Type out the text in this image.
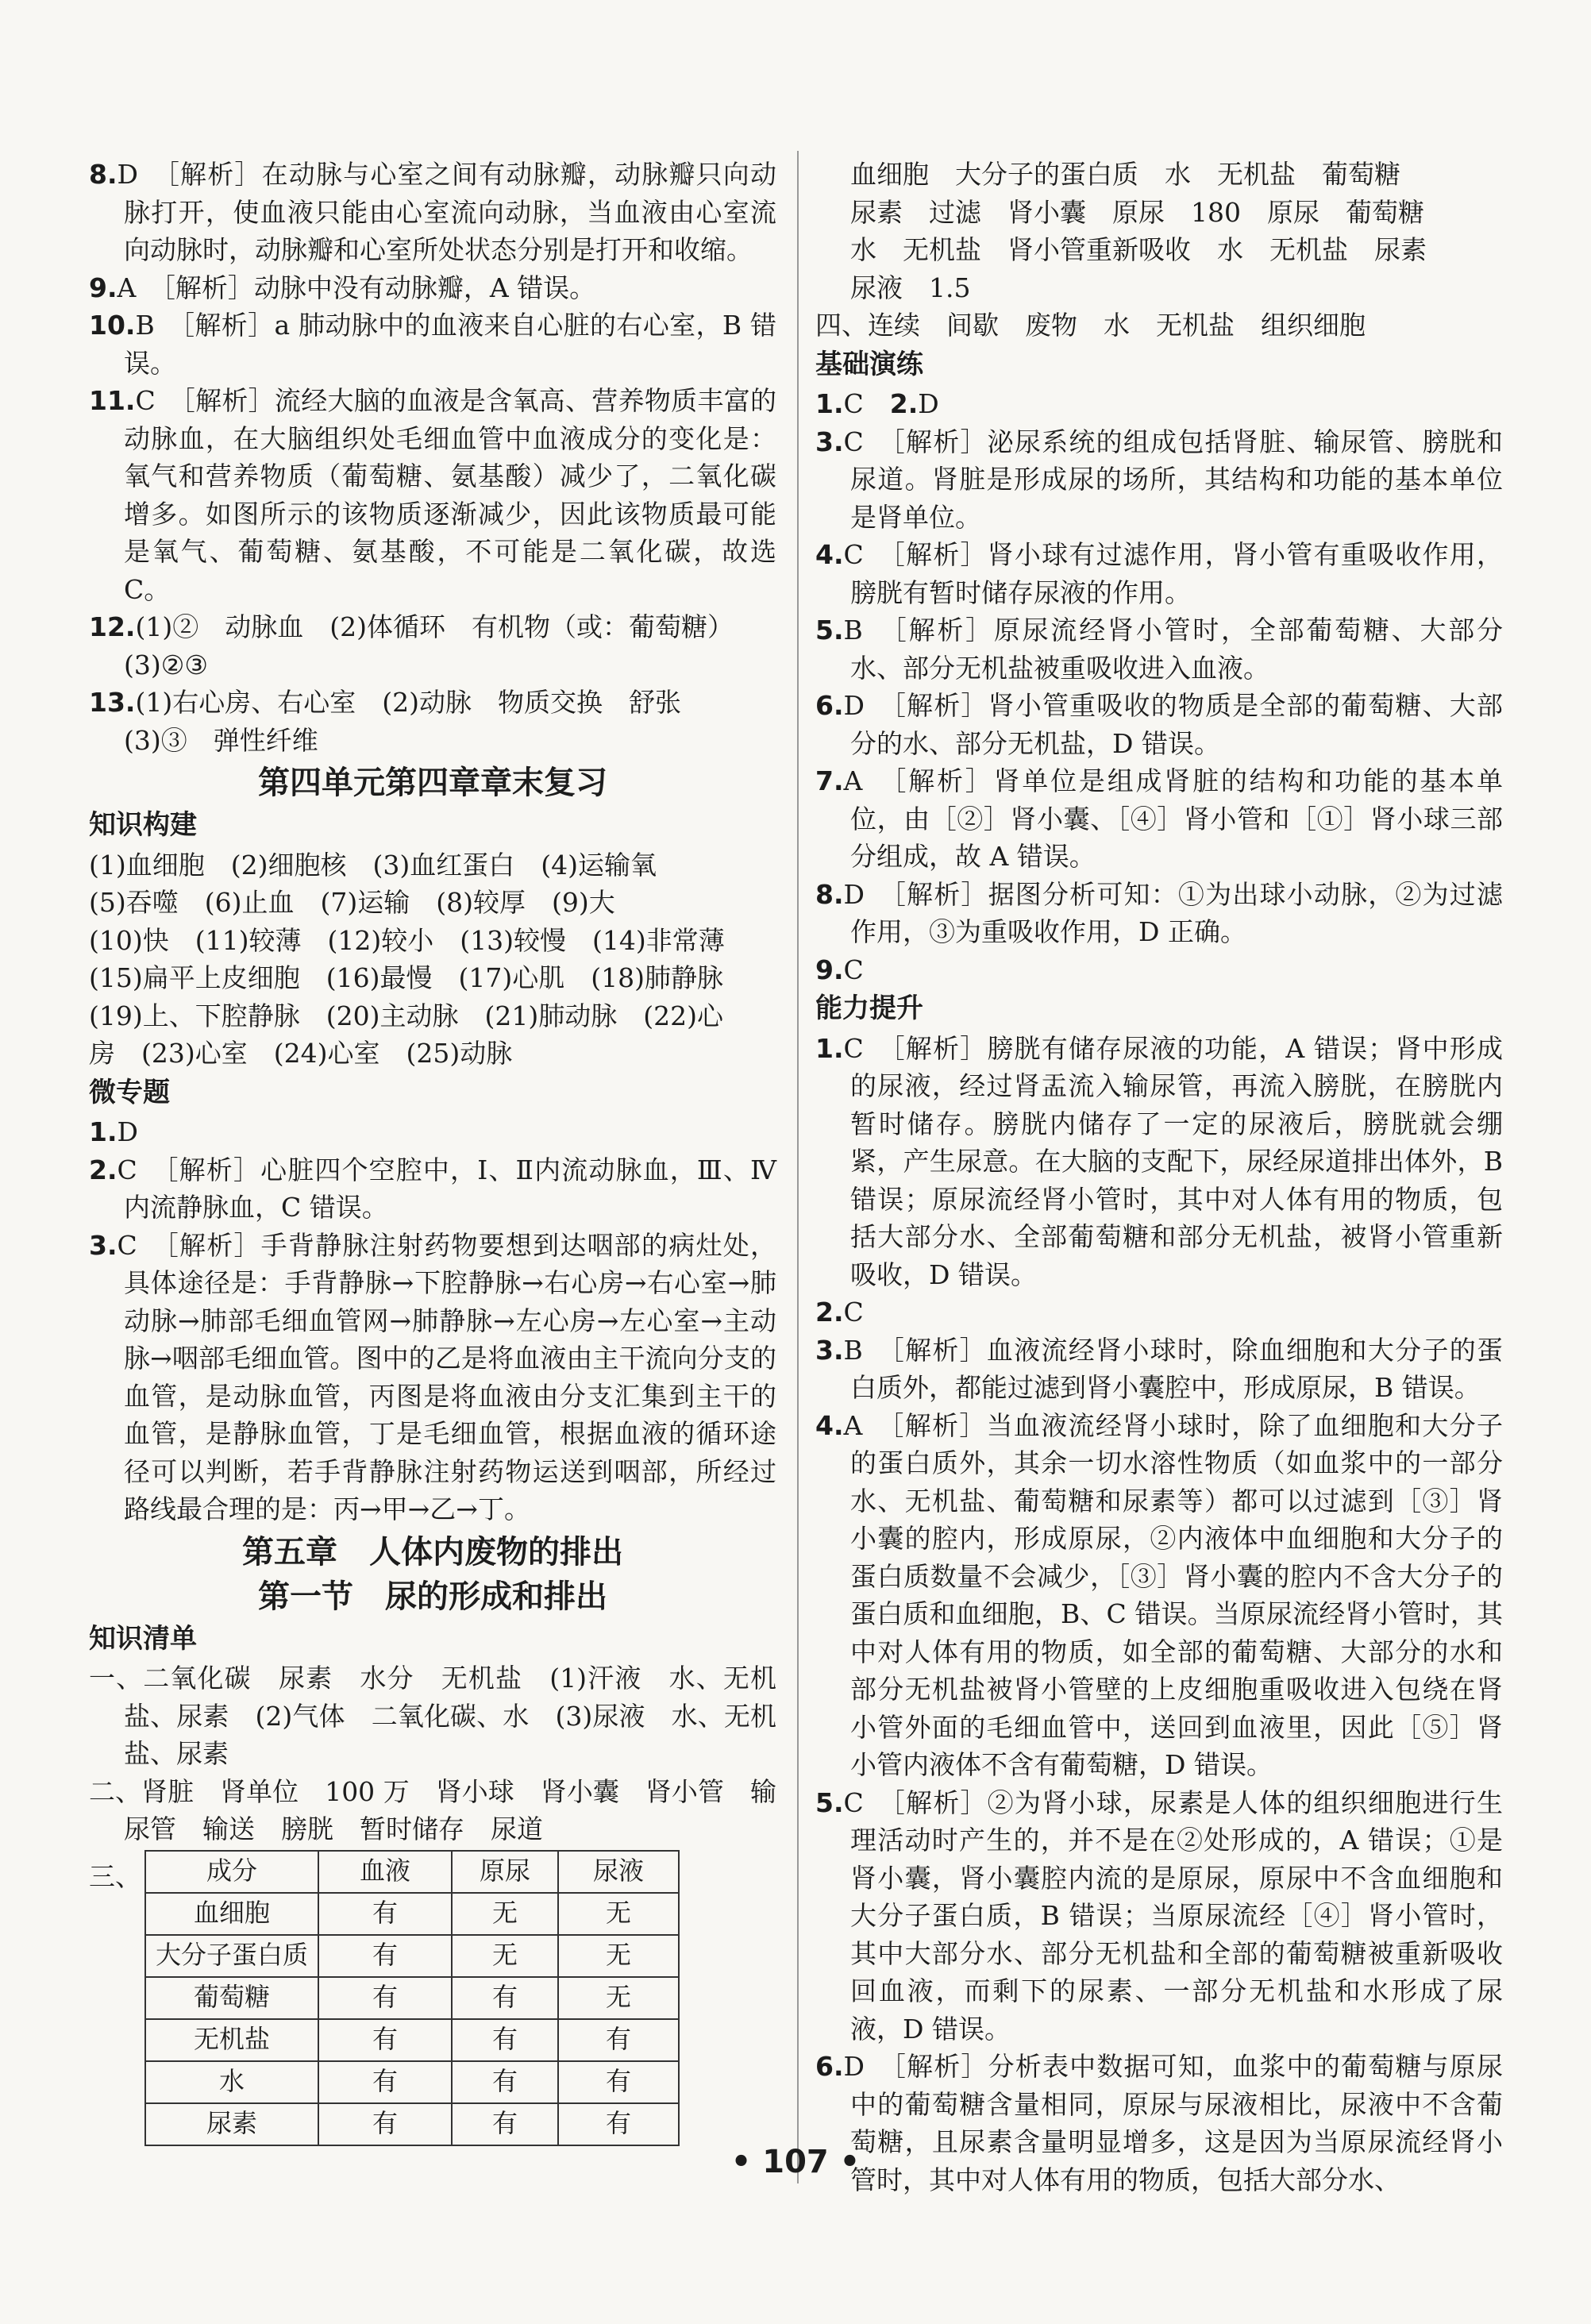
8.D　［解析］在动脉与心室之间有动脉瓣，动脉瓣只向动脉打开，使血液只能由心室流向动脉，当血液由心室流向动脉时，动脉瓣和心室所处状态分别是打开和收缩。

9.A　［解析］动脉中没有动脉瓣，A 错误。

10.B　［解析］a 肺动脉中的血液来自心脏的右心室，B 错误。

11.C　［解析］流经大脑的血液是含氧高、营养物质丰富的动脉血，在大脑组织处毛细血管中血液成分的变化是：氧气和营养物质（葡萄糖、氨基酸）减少了，二氧化碳增多。如图所示的该物质逐渐减少，因此该物质最可能是氧气、葡萄糖、氨基酸，不可能是二氧化碳，故选 C。

12.(1)②　动脉血　(2)体循环　有机物（或：葡萄糖）

(3)②③

13.(1)右心房、右心室　(2)动脉　物质交换　舒张

(3)③　弹性纤维

第四单元第四章章末复习
知识构建

(1)血细胞　(2)细胞核　(3)血红蛋白　(4)运输氧

(5)吞噬　(6)止血　(7)运输　(8)较厚　(9)大

(10)快　(11)较薄　(12)较小　(13)较慢　(14)非常薄

(15)扁平上皮细胞　(16)最慢　(17)心肌　(18)肺静脉

(19)上、下腔静脉　(20)主动脉　(21)肺动脉　(22)心

房　(23)心室　(24)心室　(25)动脉

微专题

1.D

2.C　［解析］心脏四个空腔中，Ⅰ、Ⅱ内流动脉血，Ⅲ、Ⅳ内流静脉血，C 错误。

3.C　［解析］手背静脉注射药物要想到达咽部的病灶处，具体途径是：手背静脉→下腔静脉→右心房→右心室→肺动脉→肺部毛细血管网→肺静脉→左心房→左心室→主动脉→咽部毛细血管。图中的乙是将血液由主干流向分支的血管，是动脉血管，丙图是将血液由分支汇集到主干的血管，是静脉血管，丁是毛细血管，根据血液的循环途径可以判断，若手背静脉注射药物运送到咽部，所经过路线最合理的是：丙→甲→乙→丁。

第五章　人体内废物的排出
第一节　尿的形成和排出
知识清单

一、二氧化碳　尿素　水分　无机盐　(1)汗液　水、无机盐、尿素　(2)气体　二氧化碳、水　(3)尿液　水、无机盐、尿素

二、肾脏　肾单位　100 万　肾小球　肾小囊　肾小管　输尿管　输送　膀胱　暂时储存　尿道

三、	成分	血液	原尿	尿液
血细胞	有	无	无
大分子蛋白质	有	无	无
葡萄糖	有	有	无
无机盐	有	有	有
水	有	有	有
尿素	有	有	有

血细胞　大分子的蛋白质　水　无机盐　葡萄糖

尿素　过滤　肾小囊　原尿　180　原尿　葡萄糖

水　无机盐　肾小管重新吸收　水　无机盐　尿素

尿液　1.5

四、连续　间歇　废物　水　无机盐　组织细胞

基础演练

1.C　2.D

3.C　［解析］泌尿系统的组成包括肾脏、输尿管、膀胱和尿道。肾脏是形成尿的场所，其结构和功能的基本单位是肾单位。

4.C　［解析］肾小球有过滤作用，肾小管有重吸收作用，膀胱有暂时储存尿液的作用。

5.B　［解析］原尿流经肾小管时，全部葡萄糖、大部分水、部分无机盐被重吸收进入血液。

6.D　［解析］肾小管重吸收的物质是全部的葡萄糖、大部分的水、部分无机盐，D 错误。

7.A　［解析］肾单位是组成肾脏的结构和功能的基本单位，由［②］肾小囊、［④］肾小管和［①］肾小球三部分组成，故 A 错误。

8.D　［解析］据图分析可知：①为出球小动脉，②为过滤作用，③为重吸收作用，D 正确。

9.C

能力提升

1.C　［解析］膀胱有储存尿液的功能，A 错误；肾中形成的尿液，经过肾盂流入输尿管，再流入膀胱，在膀胱内暂时储存。膀胱内储存了一定的尿液后，膀胱就会绷紧，产生尿意。在大脑的支配下，尿经尿道排出体外，B 错误；原尿流经肾小管时，其中对人体有用的物质，包括大部分水、全部葡萄糖和部分无机盐，被肾小管重新吸收，D 错误。

2.C

3.B　［解析］血液流经肾小球时，除血细胞和大分子的蛋白质外，都能过滤到肾小囊腔中，形成原尿，B 错误。

4.A　［解析］当血液流经肾小球时，除了血细胞和大分子的蛋白质外，其余一切水溶性物质（如血浆中的一部分水、无机盐、葡萄糖和尿素等）都可以过滤到［③］肾小囊的腔内，形成原尿，②内液体中血细胞和大分子的蛋白质数量不会减少，［③］肾小囊的腔内不含大分子的蛋白质和血细胞，B、C 错误。当原尿流经肾小管时，其中对人体有用的物质，如全部的葡萄糖、大部分的水和部分无机盐被肾小管壁的上皮细胞重吸收进入包绕在肾小管外面的毛细血管中，送回到血液里，因此［⑤］肾小管内液体不含有葡萄糖，D 错误。

5.C　［解析］②为肾小球，尿素是人体的组织细胞进行生理活动时产生的，并不是在②处形成的，A 错误；①是肾小囊，肾小囊腔内流的是原尿，原尿中不含血细胞和大分子蛋白质，B 错误；当原尿流经［④］肾小管时，其中大部分水、部分无机盐和全部的葡萄糖被重新吸收回血液，而剩下的尿素、一部分无机盐和水形成了尿液，D 错误。

6.D　［解析］分析表中数据可知，血浆中的葡萄糖与原尿中的葡萄糖含量相同，原尿与尿液相比，尿液中不含葡萄糖，且尿素含量明显增多，这是因为当原尿流经肾小管时，其中对人体有用的物质，包括大部分水、

• 107 •
